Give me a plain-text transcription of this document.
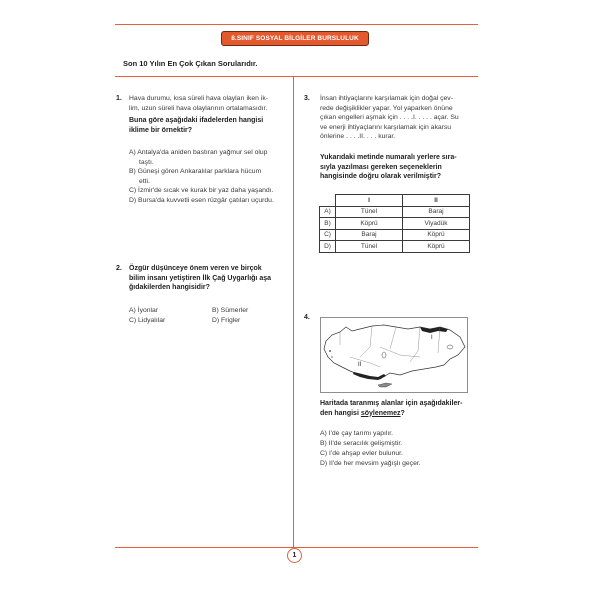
8.SINIF SOSYAL BİLGİLER BURSLULUK
Son 10 Yılın En Çok Çıkan Sorularıdır.
1. Hava durumu, kısa süreli hava olayları iken ik-
lim, uzun süreli hava olaylarının ortalamasıdır.
Buna göre aşağıdaki ifadelerden hangisi
iklime bir örnektir?
A) Antalya'da aniden bastıran yağmur sel olup
taştı.
B) Güneşi gören Ankaralılar parklara hücum
etti.
C) İzmir'de sıcak ve kurak bir yaz daha yaşandı.
D) Bursa'da kuvvetli esen rüzgâr çatıları uçurdu.
2. Özgür düşünceye önem veren ve birçok
bilim insanı yetiştiren İlk Çağ Uygarlığı aşa
ğıdakilerden hangisidir?
A) İyonlar	B) Sümerler
C) Lidyalılar	D) Frigler
3. İnsan ihtiyaçlarını karşılamak için doğal çev-
rede değişiklikler yapar. Yol yaparken önüne
çıkan engelleri aşmak için . . . .I. . . . . açar. Su
ve enerji ihtiyaçlarını karşılamak için akarsu
önlerine . . . .II. . . . kurar.
Yukarıdaki metinde numaralı yerlere sıra-
sıyla yazılması gereken seçeneklerin
hangisinde doğru olarak verilmiştir?
	I	II
A)	Tünel	Baraj
B)	Köprü	Viyadük
C)	Baraj	Köprü
D)	Tünel	Köprü
4.
I
II
Haritada taranmış alanlar için aşağıdakiler-
den hangisi söylenemez?
A) I'de çay tarımı yapılır.
B) II'de seracılık gelişmiştir.
C) I'de ahşap evler bulunur.
D) II'de her mevsim yağışlı geçer.
1
